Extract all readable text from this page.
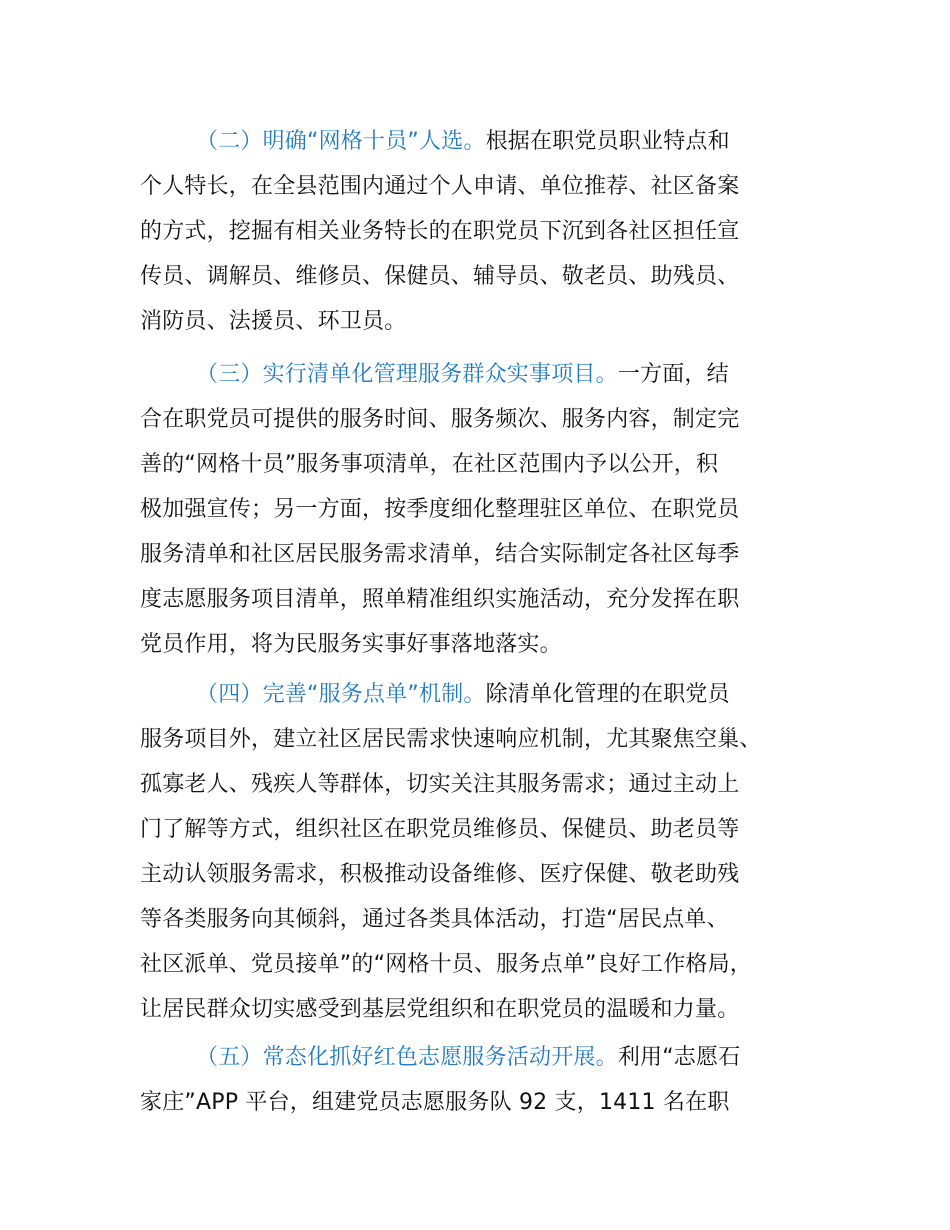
（二）明确“网格十员”人选。根据在职党员职业特点和
个人特长，在全县范围内通过个人申请、单位推荐、社区备案
的方式，挖掘有相关业务特长的在职党员下沉到各社区担任宣
传员、调解员、维修员、保健员、辅导员、敬老员、助残员、
消防员、法援员、环卫员。
（三）实行清单化管理服务群众实事项目。一方面，结
合在职党员可提供的服务时间、服务频次、服务内容，制定完
善的“网格十员”服务事项清单，在社区范围内予以公开，积
极加强宣传；另一方面，按季度细化整理驻区单位、在职党员
服务清单和社区居民服务需求清单，结合实际制定各社区每季
度志愿服务项目清单，照单精准组织实施活动，充分发挥在职
党员作用，将为民服务实事好事落地落实。
（四）完善“服务点单”机制。除清单化管理的在职党员
服务项目外，建立社区居民需求快速响应机制，尤其聚焦空巢、
孤寡老人、残疾人等群体，切实关注其服务需求；通过主动上
门了解等方式，组织社区在职党员维修员、保健员、助老员等
主动认领服务需求，积极推动设备维修、医疗保健、敬老助残
等各类服务向其倾斜，通过各类具体活动，打造“居民点单、
社区派单、党员接单”的“网格十员、服务点单”良好工作格局，
让居民群众切实感受到基层党组织和在职党员的温暖和力量。
（五）常态化抓好红色志愿服务活动开展。利用“志愿石
家庄”APP 平台，组建党员志愿服务队 92 支，1411 名在职
